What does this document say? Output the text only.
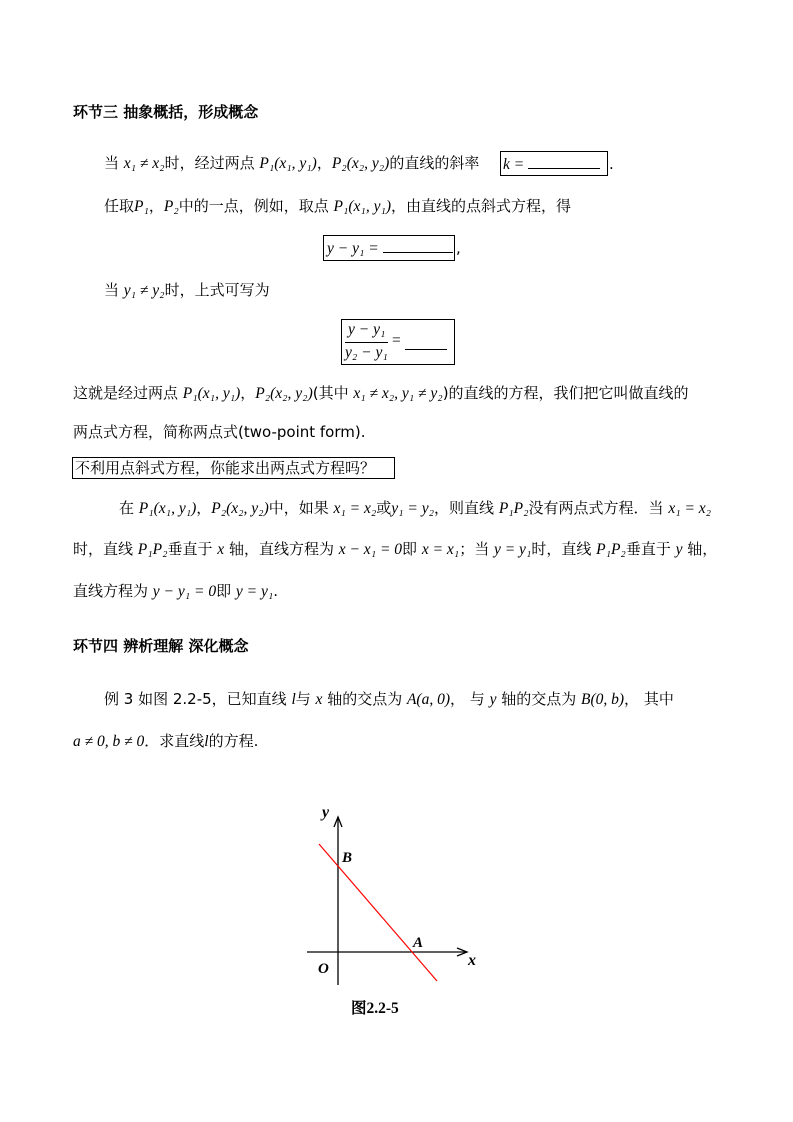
环节三 抽象概括，形成概念
当 x₁ ≠ x₂时，经过两点 P₁(x₁, y₁)，P₂(x₂, y₂)的直线的斜率 k =	.
任取P₁，P₂中的一点，例如，取点 P₁(x₁, y₁)，由直线的点斜式方程，得
y − y₁ =	,
当 y₁ ≠ y₂时，上式可写为
y − y₁
y₂ − y₁
=
这就是经过两点 P₁(x₁, y₁)，P₂(x₂, y₂)(其中 x₁ ≠ x₂, y₁ ≠ y₂)的直线的方程，我们把它叫做直线的
两点式方程，简称两点式(two-point form).
不利用点斜式方程，你能求出两点式方程吗？
在 P₁(x₁, y₁)，P₂(x₂, y₂)中，如果 x₁ = x₂或y₁ = y₂，则直线 P₁P₂没有两点式方程．当 x₁ = x₂
时，直线 P₁P₂垂直于 x 轴，直线方程为 x − x₁ = 0即 x = x₁；当 y = y₁时，直线 P₁P₂垂直于 y 轴，
直线方程为 y − y₁ = 0即 y = y₁.
环节四 辨析理解 深化概念
例 3 如图 2.2-5，已知直线 l与 x 轴的交点为 A(a, 0)， 与 y 轴的交点为 B(0, b)， 其中
a ≠ 0, b ≠ 0．求直线l的方程.
y
x
B
A
O
图2.2-5
